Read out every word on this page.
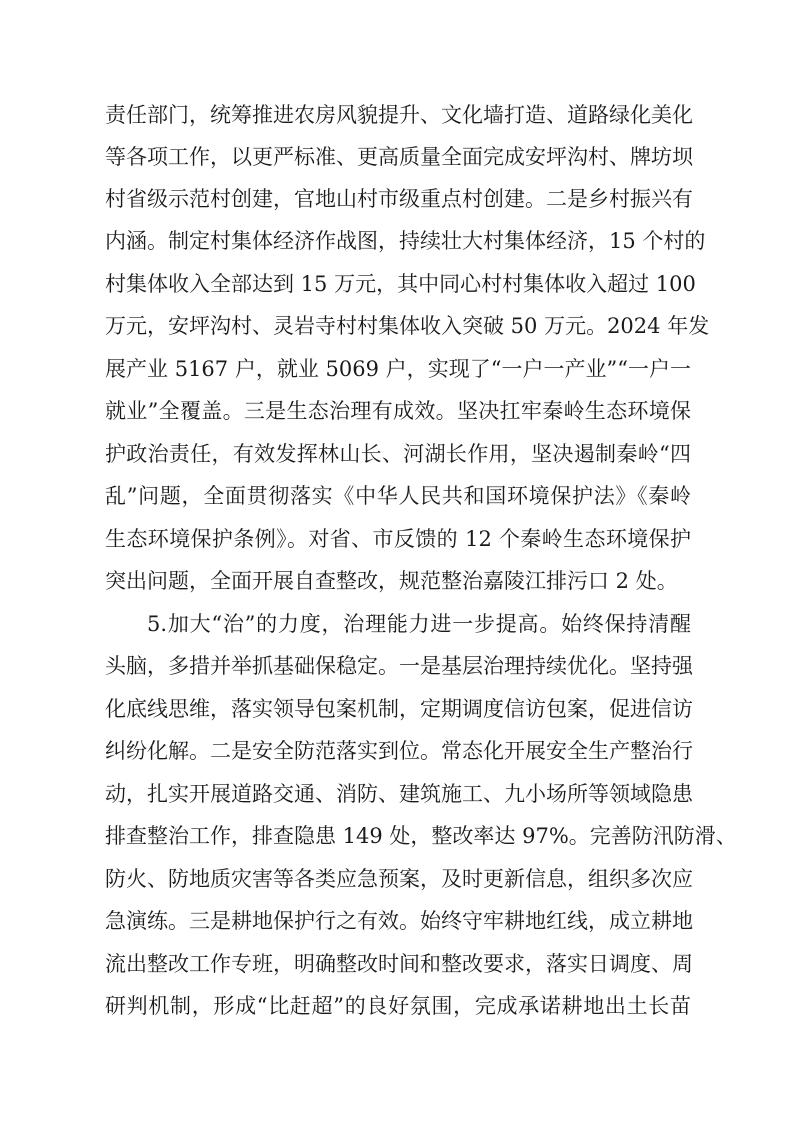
责任部门，统筹推进农房风貌提升、文化墙打造、道路绿化美化
等各项工作，以更严标准、更高质量全面完成安坪沟村、牌坊坝
村省级示范村创建，官地山村市级重点村创建。二是乡村振兴有
内涵。制定村集体经济作战图，持续壮大村集体经济，15 个村的
村集体收入全部达到 15 万元，其中同心村村集体收入超过 100
万元，安坪沟村、灵岩寺村村集体收入突破 50 万元。2024 年发
展产业 5167 户，就业 5069 户，实现了“一户一产业”“一户一
就业”全覆盖。三是生态治理有成效。坚决扛牢秦岭生态环境保
护政治责任，有效发挥林山长、河湖长作用，坚决遏制秦岭“四
乱”问题，全面贯彻落实《中华人民共和国环境保护法》《秦岭
生态环境保护条例》。对省、市反馈的 12 个秦岭生态环境保护
突出问题，全面开展自查整改，规范整治嘉陵江排污口 2 处。
5.加大“治”的力度，治理能力进一步提高。始终保持清醒
头脑，多措并举抓基础保稳定。一是基层治理持续优化。坚持强
化底线思维，落实领导包案机制，定期调度信访包案，促进信访
纠纷化解。二是安全防范落实到位。常态化开展安全生产整治行
动，扎实开展道路交通、消防、建筑施工、九小场所等领域隐患
排查整治工作，排查隐患 149 处，整改率达 97%。完善防汛防滑、
防火、防地质灾害等各类应急预案，及时更新信息，组织多次应
急演练。三是耕地保护行之有效。始终守牢耕地红线，成立耕地
流出整改工作专班，明确整改时间和整改要求，落实日调度、周
研判机制，形成“比赶超”的良好氛围，完成承诺耕地出土长苗
